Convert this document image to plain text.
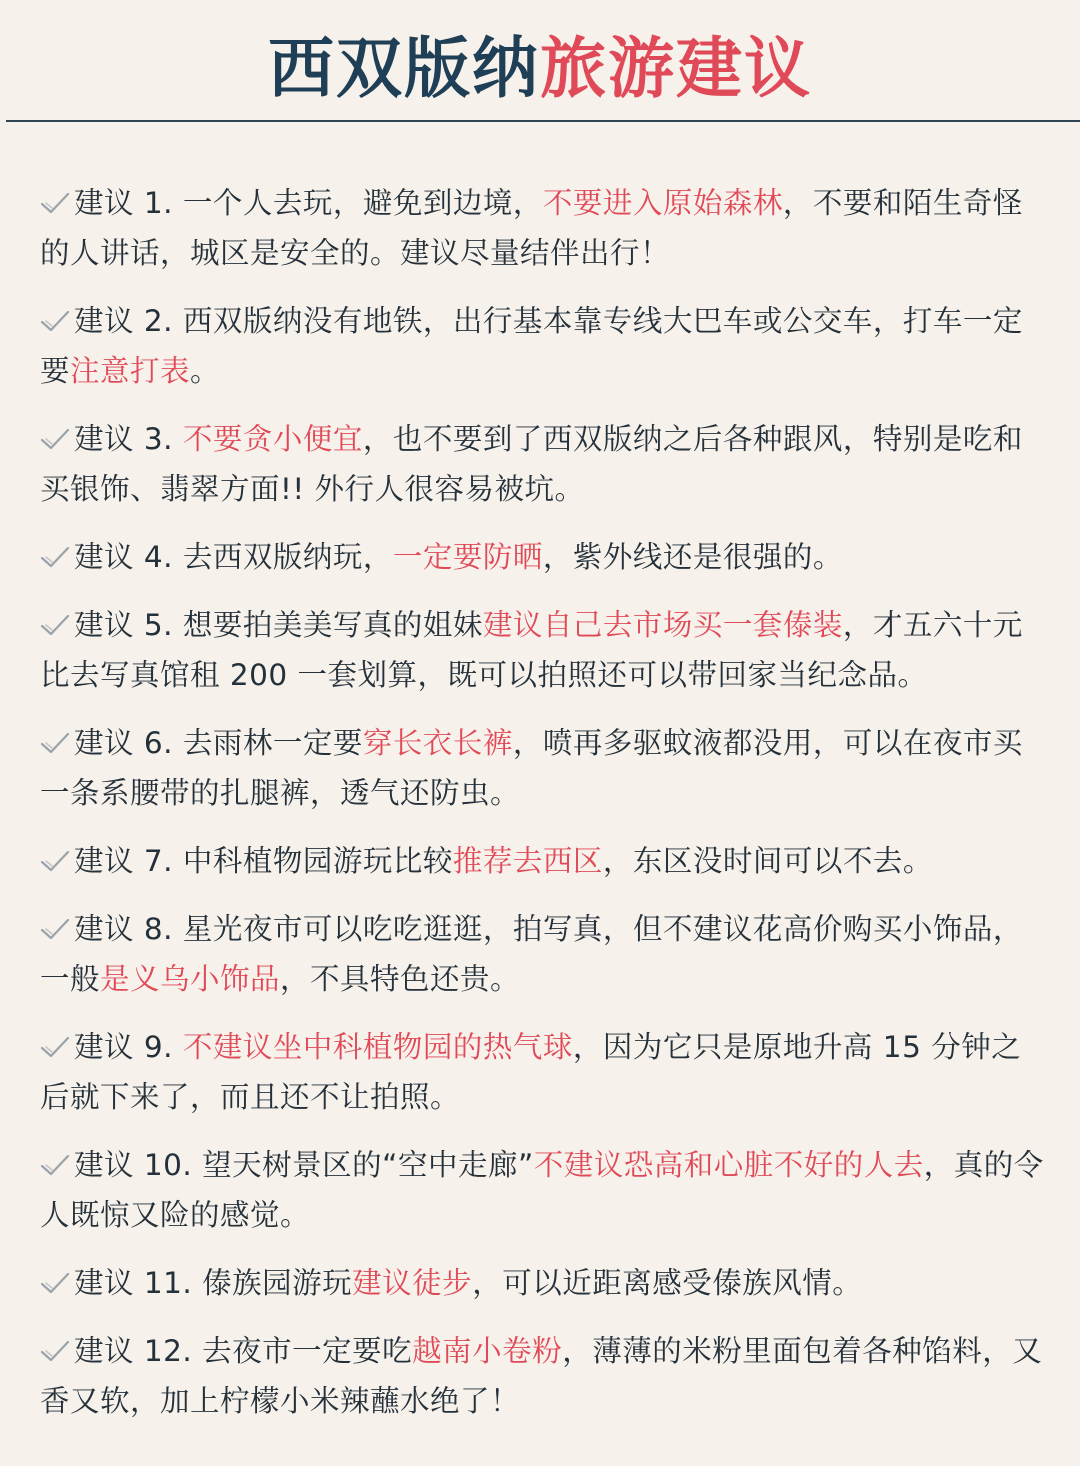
西双版纳旅游建议
建议 1. 一个人去玩，避免到边境，不要进入原始森林，不要和陌生奇怪的人讲话，城区是安全的。建议尽量结伴出行！
建议 2. 西双版纳没有地铁，出行基本靠专线大巴车或公交车，打车一定要注意打表。
建议 3. 不要贪小便宜，也不要到了西双版纳之后各种跟风，特别是吃和买银饰、翡翠方面!! 外行人很容易被坑。
建议 4. 去西双版纳玩，一定要防晒，紫外线还是很强的。
建议 5. 想要拍美美写真的姐妹建议自己去市场买一套傣装，才五六十元比去写真馆租 200 一套划算，既可以拍照还可以带回家当纪念品。
建议 6. 去雨林一定要穿长衣长裤，喷再多驱蚊液都没用，可以在夜市买一条系腰带的扎腿裤，透气还防虫。
建议 7. 中科植物园游玩比较推荐去西区，东区没时间可以不去。
建议 8. 星光夜市可以吃吃逛逛，拍写真，但不建议花高价购买小饰品，一般是义乌小饰品，不具特色还贵。
建议 9. 不建议坐中科植物园的热气球，因为它只是原地升高 15 分钟之后就下来了，而且还不让拍照。
建议 10. 望天树景区的“空中走廊”不建议恐高和心脏不好的人去，真的令人既惊又险的感觉。
建议 11. 傣族园游玩建议徒步，可以近距离感受傣族风情。
建议 12. 去夜市一定要吃越南小卷粉，薄薄的米粉里面包着各种馅料，又香又软，加上柠檬小米辣蘸水绝了！
